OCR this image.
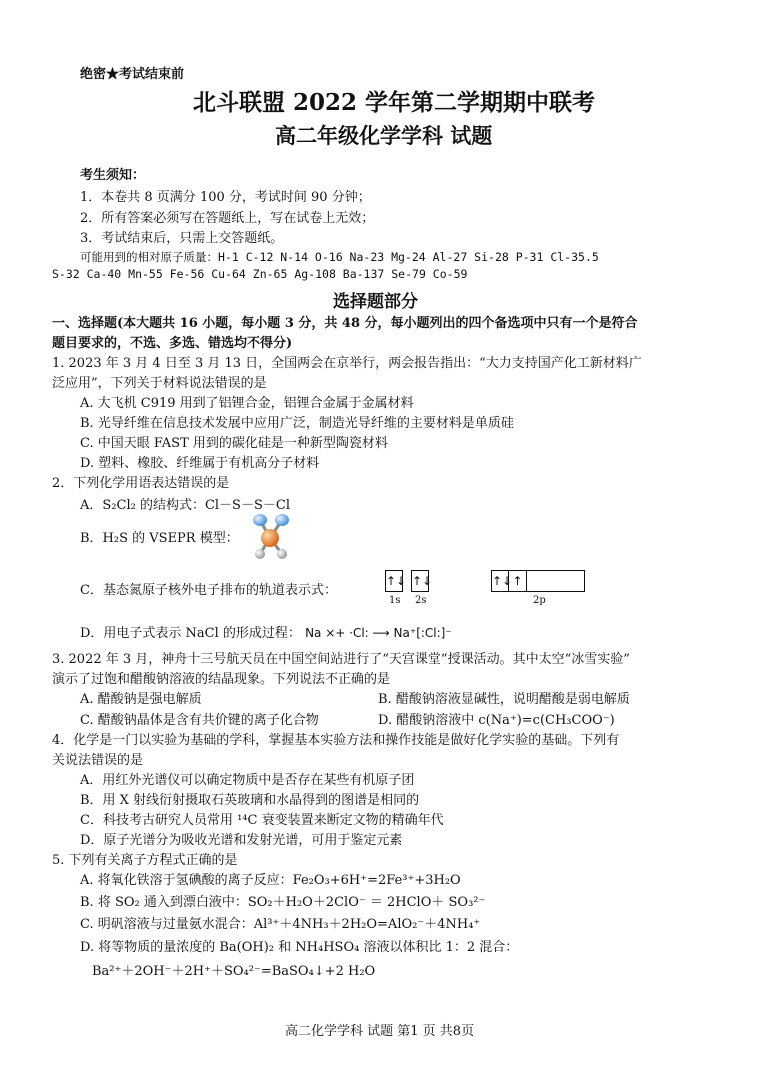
绝密★考试结束前
北斗联盟 2022 学年第二学期期中联考
高二年级化学学科 试题
考生须知：
1．本卷共 8 页满分 100 分，考试时间 90 分钟；
2．所有答案必须写在答题纸上，写在试卷上无效；
3．考试结束后，只需上交答题纸。
可能用到的相对原子质量：H-1 C-12 N-14 O-16 Na-23 Mg-24 Al-27 Si-28 P-31 Cl-35.5
S-32 Ca-40 Mn-55 Fe-56 Cu-64 Zn-65 Ag-108 Ba-137 Se-79 Co-59
选择题部分
一、选择题(本大题共 16 小题，每小题 3 分，共 48 分，每小题列出的四个备选项中只有一个是符合
题目要求的，不选、多选、错选均不得分)
1. 2023 年 3 月 4 日至 3 月 13 日，全国两会在京举行，两会报告指出：“大力支持国产化工新材料广
泛应用”，下列关于材料说法错误的是
A. 大飞机 C919 用到了铝锂合金，铝锂合金属于金属材料
B. 光导纤维在信息技术发展中应用广泛，制造光导纤维的主要材料是单质硅
C. 中国天眼 FAST 用到的碳化硅是一种新型陶瓷材料
D. 塑料、橡胶、纤维属于有机高分子材料
2．下列化学用语表达错误的是
A．S₂Cl₂ 的结构式：Cl－S－S－Cl
B．H₂S 的 VSEPR 模型：
C．基态氮原子核外电子排布的轨道表示式：
↑↓ ↑↓	↑↓ ↑
1s 2s	2p
D．用电子式表示 NaCl 的形成过程： Na ×+ ·Cl: ⟶ Na⁺[:Cl:]⁻
3. 2022 年 3 月，神舟十三号航天员在中国空间站进行了“天宫课堂”授课活动。其中太空“冰雪实验”
演示了过饱和醋酸钠溶液的结晶现象。下列说法不正确的是
A. 醋酸钠是强电解质	B. 醋酸钠溶液显碱性，说明醋酸是弱电解质
C. 醋酸钠晶体是含有共价键的离子化合物	D. 醋酸钠溶液中 c(Na⁺)=c(CH₃COO⁻)
4．化学是一门以实验为基础的学科，掌握基本实验方法和操作技能是做好化学实验的基础。下列有
关说法错误的是
A．用红外光谱仪可以确定物质中是否存在某些有机原子团
B．用 X 射线衍射摄取石英玻璃和水晶得到的图谱是相同的
C．科技考古研究人员常用 ¹⁴C 衰变装置来断定文物的精确年代
D．原子光谱分为吸收光谱和发射光谱，可用于鉴定元素
5. 下列有关离子方程式正确的是
A. 将氧化铁溶于氢碘酸的离子反应：Fe₂O₃+6H⁺=2Fe³⁺+3H₂O
B. 将 SO₂ 通入到漂白液中：SO₂＋H₂O＋2ClO⁻ ＝ 2HClO＋ SO₃²⁻
C. 明矾溶液与过量氨水混合：Al³⁺＋4NH₃＋2H₂O=AlO₂⁻＋4NH₄⁺
D. 将等物质的量浓度的 Ba(OH)₂ 和 NH₄HSO₄ 溶液以体积比 1：2 混合：
Ba²⁺＋2OH⁻＋2H⁺＋SO₄²⁻=BaSO₄↓+2 H₂O
高二化学学科 试题 第1 页 共8页
